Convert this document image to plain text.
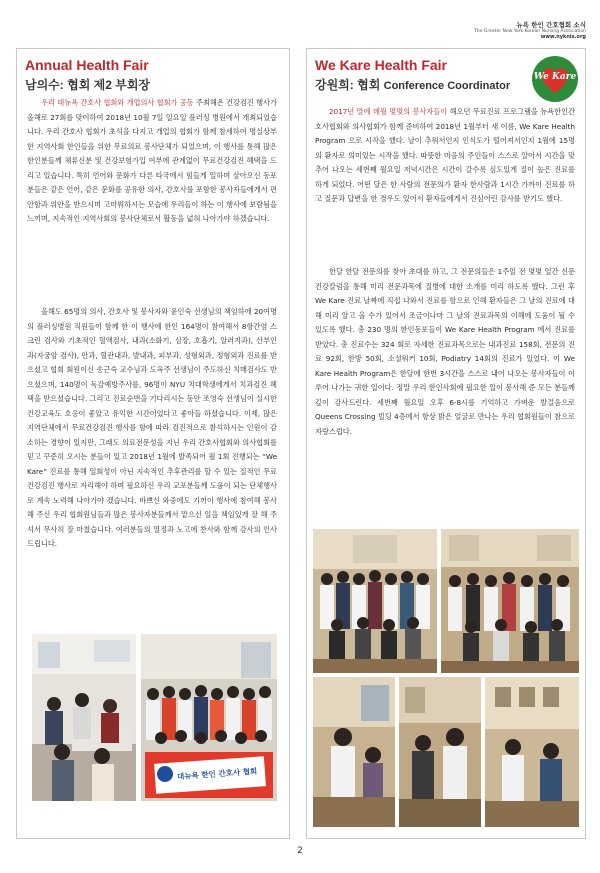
뉴욕 한인 간호협회 소식
The Greater New York Korean Nursing Association
www.nyknis.org
Annual Health Fair
남의수: 협회 제2 부회장
우리 대뉴욕 간호사 협회와 개업의사 협회가 공동 주최해온 건강검진 행사가 올해로 27회를 맞이하여 2018년 10월 7일 일요일 플러싱 병원에서 개최되었습니다. 우리 간호사 협회가 초석을 다지고 개업의 협회가 함께 참세하여 명실상부한 지역사회 한인들을 위한 무료의료 봉사단체가 되었으며, 이 행사를 통해 많은 한인분들께 체류신분 및 건강보험가입 여부에 관계없이 무료건강검진 혜택을 드리고 있습니다. 특히 언어와 문화가 다른 타국에서 힘들게 일하며 살아오신 동포분들은 같은 언어, 같은 문화를 공유한 의사, 간호사를 포함한 봉사자들에게서 편안함과 위안을 받으시며 고마워하시는 모습에 우리들이 하는 이 행사에 보람됨을 느끼며, 지속적인 지역사회의 봉사단체로서 활동을 넓혀 나아가야 하겠습니다.
올해도 65명의 의사, 간호사 및 봉사자와 윤인숙 선생님의 책임하에 20여명의 플러싱병원 직원들이 함께 한 이 행사에 한인 164명이 참여해서 8항간염 스크린 검사와 기초적인 혈액검사, 내과(소화기, 심장, 호흡기, 알러지과), 산부인과(자궁암 검사), 안과, 혈관내과, 발내과, 피부과, 성형외과, 정형외과 진료를 받으셨고 협회 회원이신 송근숙 교수님과 도옥주 선생님이 주도하신 치매검사도 받으셨으며, 140명이 독감예방주사를, 96명이 NYU 치대학생에게서 치과검진 혜택을 받으셨습니다. 그리고 진료순번을 기다리시는 동안 조영숙 선생님이 실시한 건강교육도 호응이 좋았고 유익한 시간이었다고 좋아들 하셨습니다. 이제, 많은 지역단체에서 무료건강검진 행사를 함에 따라 검진적으로 참석하시는 인원이 감소하는 경향이 있지만, 그래도 의료전문성을 지닌 우리 간호사협회와 의사협회를 믿고 꾸준히 오시는 분들이 있고 2018년 1월에 발족되어 월 1회 진행되는 “We Kare” 진료를 통해 일회성이 아닌 지속적인 추후관리를 할 수 있는 질적인 무료건강검진 행사로 자리해야 하며 필요하신 우리 교포분들께 도움이 되는 단체행사로 계속 노력해 나아가야 겠습니다. 바쁘신 와중에도 기꺼이 행사에 참여해 봉사해 주신 우리 협회원님들과 많은 봉사자분들께서 맡으신 일을 책임있게 잘 해 주셔서 무사히 잘 마쳤습니다. 여러분들의 열정과 노고에 찬사와 함께 감사의 인사드립니다.
대뉴욕 한인 간호사 협회
We Kare Health Fair
강원희: 협회 Conference Coordinator
We Kare
2017년 말에 매월 몇몇의 봉사자들이 해오던 무료진료 프로그램을 뉴욕한인간호사협회와 의사협회가 함께 준비하여 2018년 1월부터 새 이름, We Kare Health Program 으로 시작을 했다. 날이 추워서인지 인식도가 떨어져서인지 1월에 15명의 환자로 의미있는 시작을 했다. 따뜻한 마음의 주인들이 스스로 알아서 시간을 맞추어 나오는 세번째 월요일 저녁시간은 시간이 갈수록 심도있게 질이 높은 진료를 하게 되었다. 어떤 달은 한 사람의 전문의가 환자 한사람과 1시간 가까이 진료를 하고 질문과 답변을 한 경우도 있어서 환자들에게서 진심어린 감사를 받기도 했다.
한달 한달 전문의를 찾아 초대를 하고, 그 전문의들은 1주일 전 몇몇 일간 신문 건강칼럼을 통해 미리 전문과목에 질병에 대한 소개를 미리 하도록 했다. 그런 후 We Kare 진료 날짜에 직접 나와서 진료를 함으로 인해 환자들은 그 날의 진료에 대해 미리 알고 올 수가 있어서 조금이나마 그 날의 진료과목의 이해에 도움이 될 수 있도록 했다. 총 230 명의 한인동포들이 We Kare Health Program 에서 진료를 받았다. 총 진료수는 324 회로 자세한 진료과목으로는 내과진료 158회, 전문의 진료 92회, 한방 50회, 소셜워커 10회, Podiatry 14회의 진료가 있었다. 이 We Kare Health Program은 한달에 한번 3시간을 스스로 내어 나오는 봉사자들이 이루어 나가는 귀한 일이다. 정말 우리 한인사회에 필요한 일이 봉사해 준 모든 분들께 깊이 감사드린다. 세번째 월요일 오후 6-8시를 기억하고 가벼운 발걸음으로 Queens Crossing 빌딩 4층에서 항상 밝은 얼굴로 만나는 우리 협회원들이 참으로 자랑스럽다.
2
